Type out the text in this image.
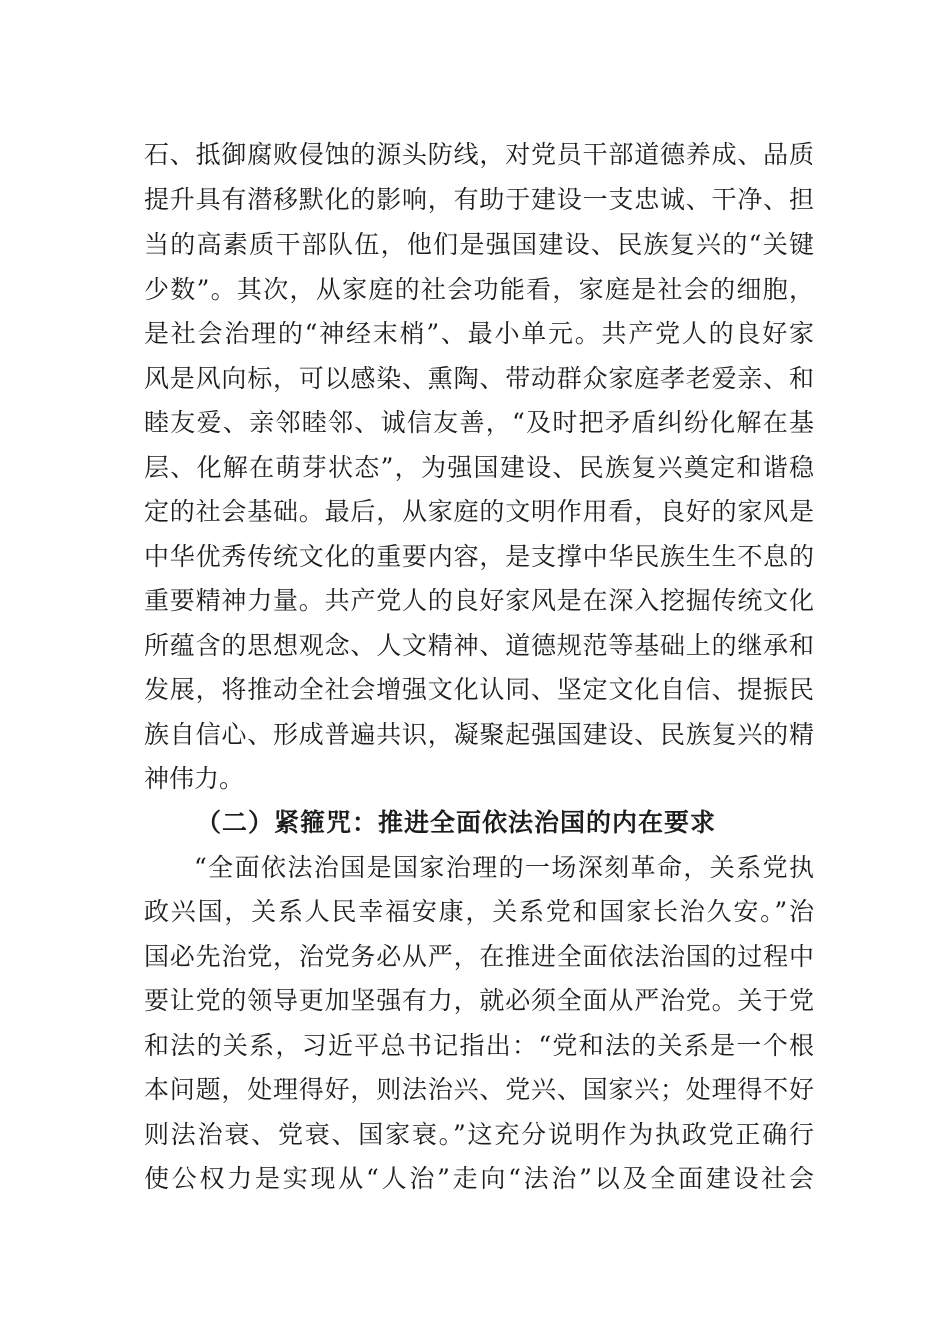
石、抵御腐败侵蚀的源头防线，对党员干部道德养成、品质
提升具有潜移默化的影响，有助于建设一支忠诚、干净、担
当的高素质干部队伍，他们是强国建设、民族复兴的“关键
少数”。其次，从家庭的社会功能看，家庭是社会的细胞，
是社会治理的“神经末梢”、最小单元。共产党人的良好家
风是风向标，可以感染、熏陶、带动群众家庭孝老爱亲、和
睦友爱、亲邻睦邻、诚信友善，“及时把矛盾纠纷化解在基
层、化解在萌芽状态”，为强国建设、民族复兴奠定和谐稳
定的社会基础。最后，从家庭的文明作用看，良好的家风是
中华优秀传统文化的重要内容，是支撑中华民族生生不息的
重要精神力量。共产党人的良好家风是在深入挖掘传统文化
所蕴含的思想观念、人文精神、道德规范等基础上的继承和
发展，将推动全社会增强文化认同、坚定文化自信、提振民
族自信心、形成普遍共识，凝聚起强国建设、民族复兴的精
神伟力。
（二）紧箍咒：推进全面依法治国的内在要求
“全面依法治国是国家治理的一场深刻革命，关系党执
政兴国，关系人民幸福安康，关系党和国家长治久安。”治
国必先治党，治党务必从严，在推进全面依法治国的过程中
要让党的领导更加坚强有力，就必须全面从严治党。关于党
和法的关系，习近平总书记指出：“党和法的关系是一个根
本问题，处理得好，则法治兴、党兴、国家兴；处理得不好
则法治衰、党衰、国家衰。”这充分说明作为执政党正确行
使公权力是实现从“人治”走向“法治”以及全面建设社会
